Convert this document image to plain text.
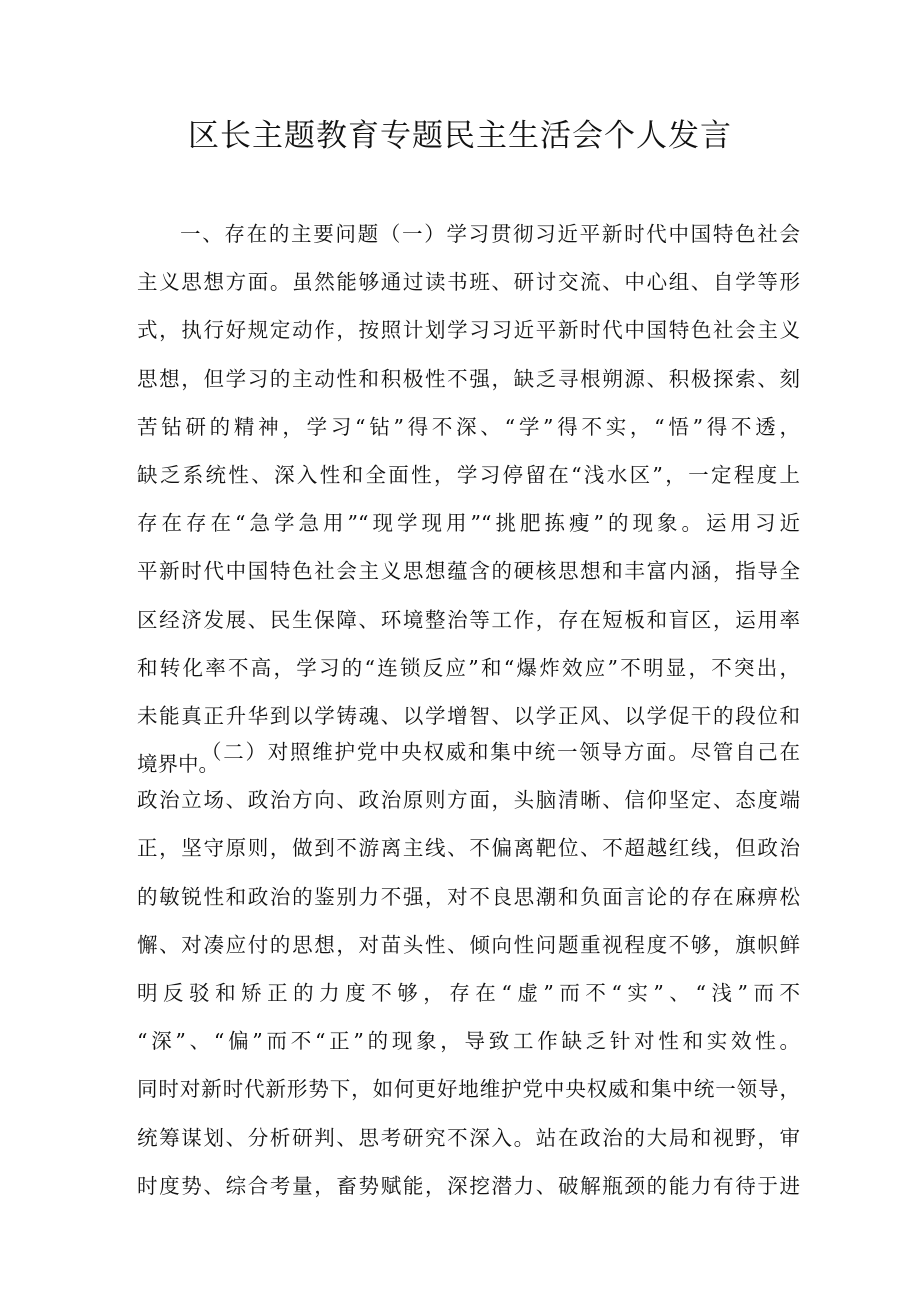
区长主题教育专题民主生活会个人发言
一、存在的主要问题（一）学习贯彻习近平新时代中国特色社会
主义思想方面。虽然能够通过读书班、研讨交流、中心组、自学等形
式，执行好规定动作，按照计划学习习近平新时代中国特色社会主义
思想，但学习的主动性和积极性不强，缺乏寻根朔源、积极探索、刻
苦钻研的精神，学习“钻”得不深、“学”得不实，“悟”得不透，
缺乏系统性、深入性和全面性，学习停留在“浅水区”，一定程度上
存在存在“急学急用”“现学现用”“挑肥拣瘦”的现象。运用习近
平新时代中国特色社会主义思想蕴含的硬核思想和丰富内涵，指导全
区经济发展、民生保障、环境整治等工作，存在短板和盲区，运用率
和转化率不高，学习的“连锁反应”和“爆炸效应”不明显，不突出，
未能真正升华到以学铸魂、以学增智、以学正风、以学促干的段位和
境界中。
（二）对照维护党中央权威和集中统一领导方面。尽管自己在
政治立场、政治方向、政治原则方面，头脑清晰、信仰坚定、态度端
正，坚守原则，做到不游离主线、不偏离靶位、不超越红线，但政治
的敏锐性和政治的鉴别力不强，对不良思潮和负面言论的存在麻痹松
懈、对凑应付的思想，对苗头性、倾向性问题重视程度不够，旗帜鲜
明反驳和矫正的力度不够，存在“虚”而不“实”、“浅”而不
“深”、“偏”而不“正”的现象，导致工作缺乏针对性和实效性。
同时对新时代新形势下，如何更好地维护党中央权威和集中统一领导，
统筹谋划、分析研判、思考研究不深入。站在政治的大局和视野，审
时度势、综合考量，畜势赋能，深挖潜力、破解瓶颈的能力有待于进
